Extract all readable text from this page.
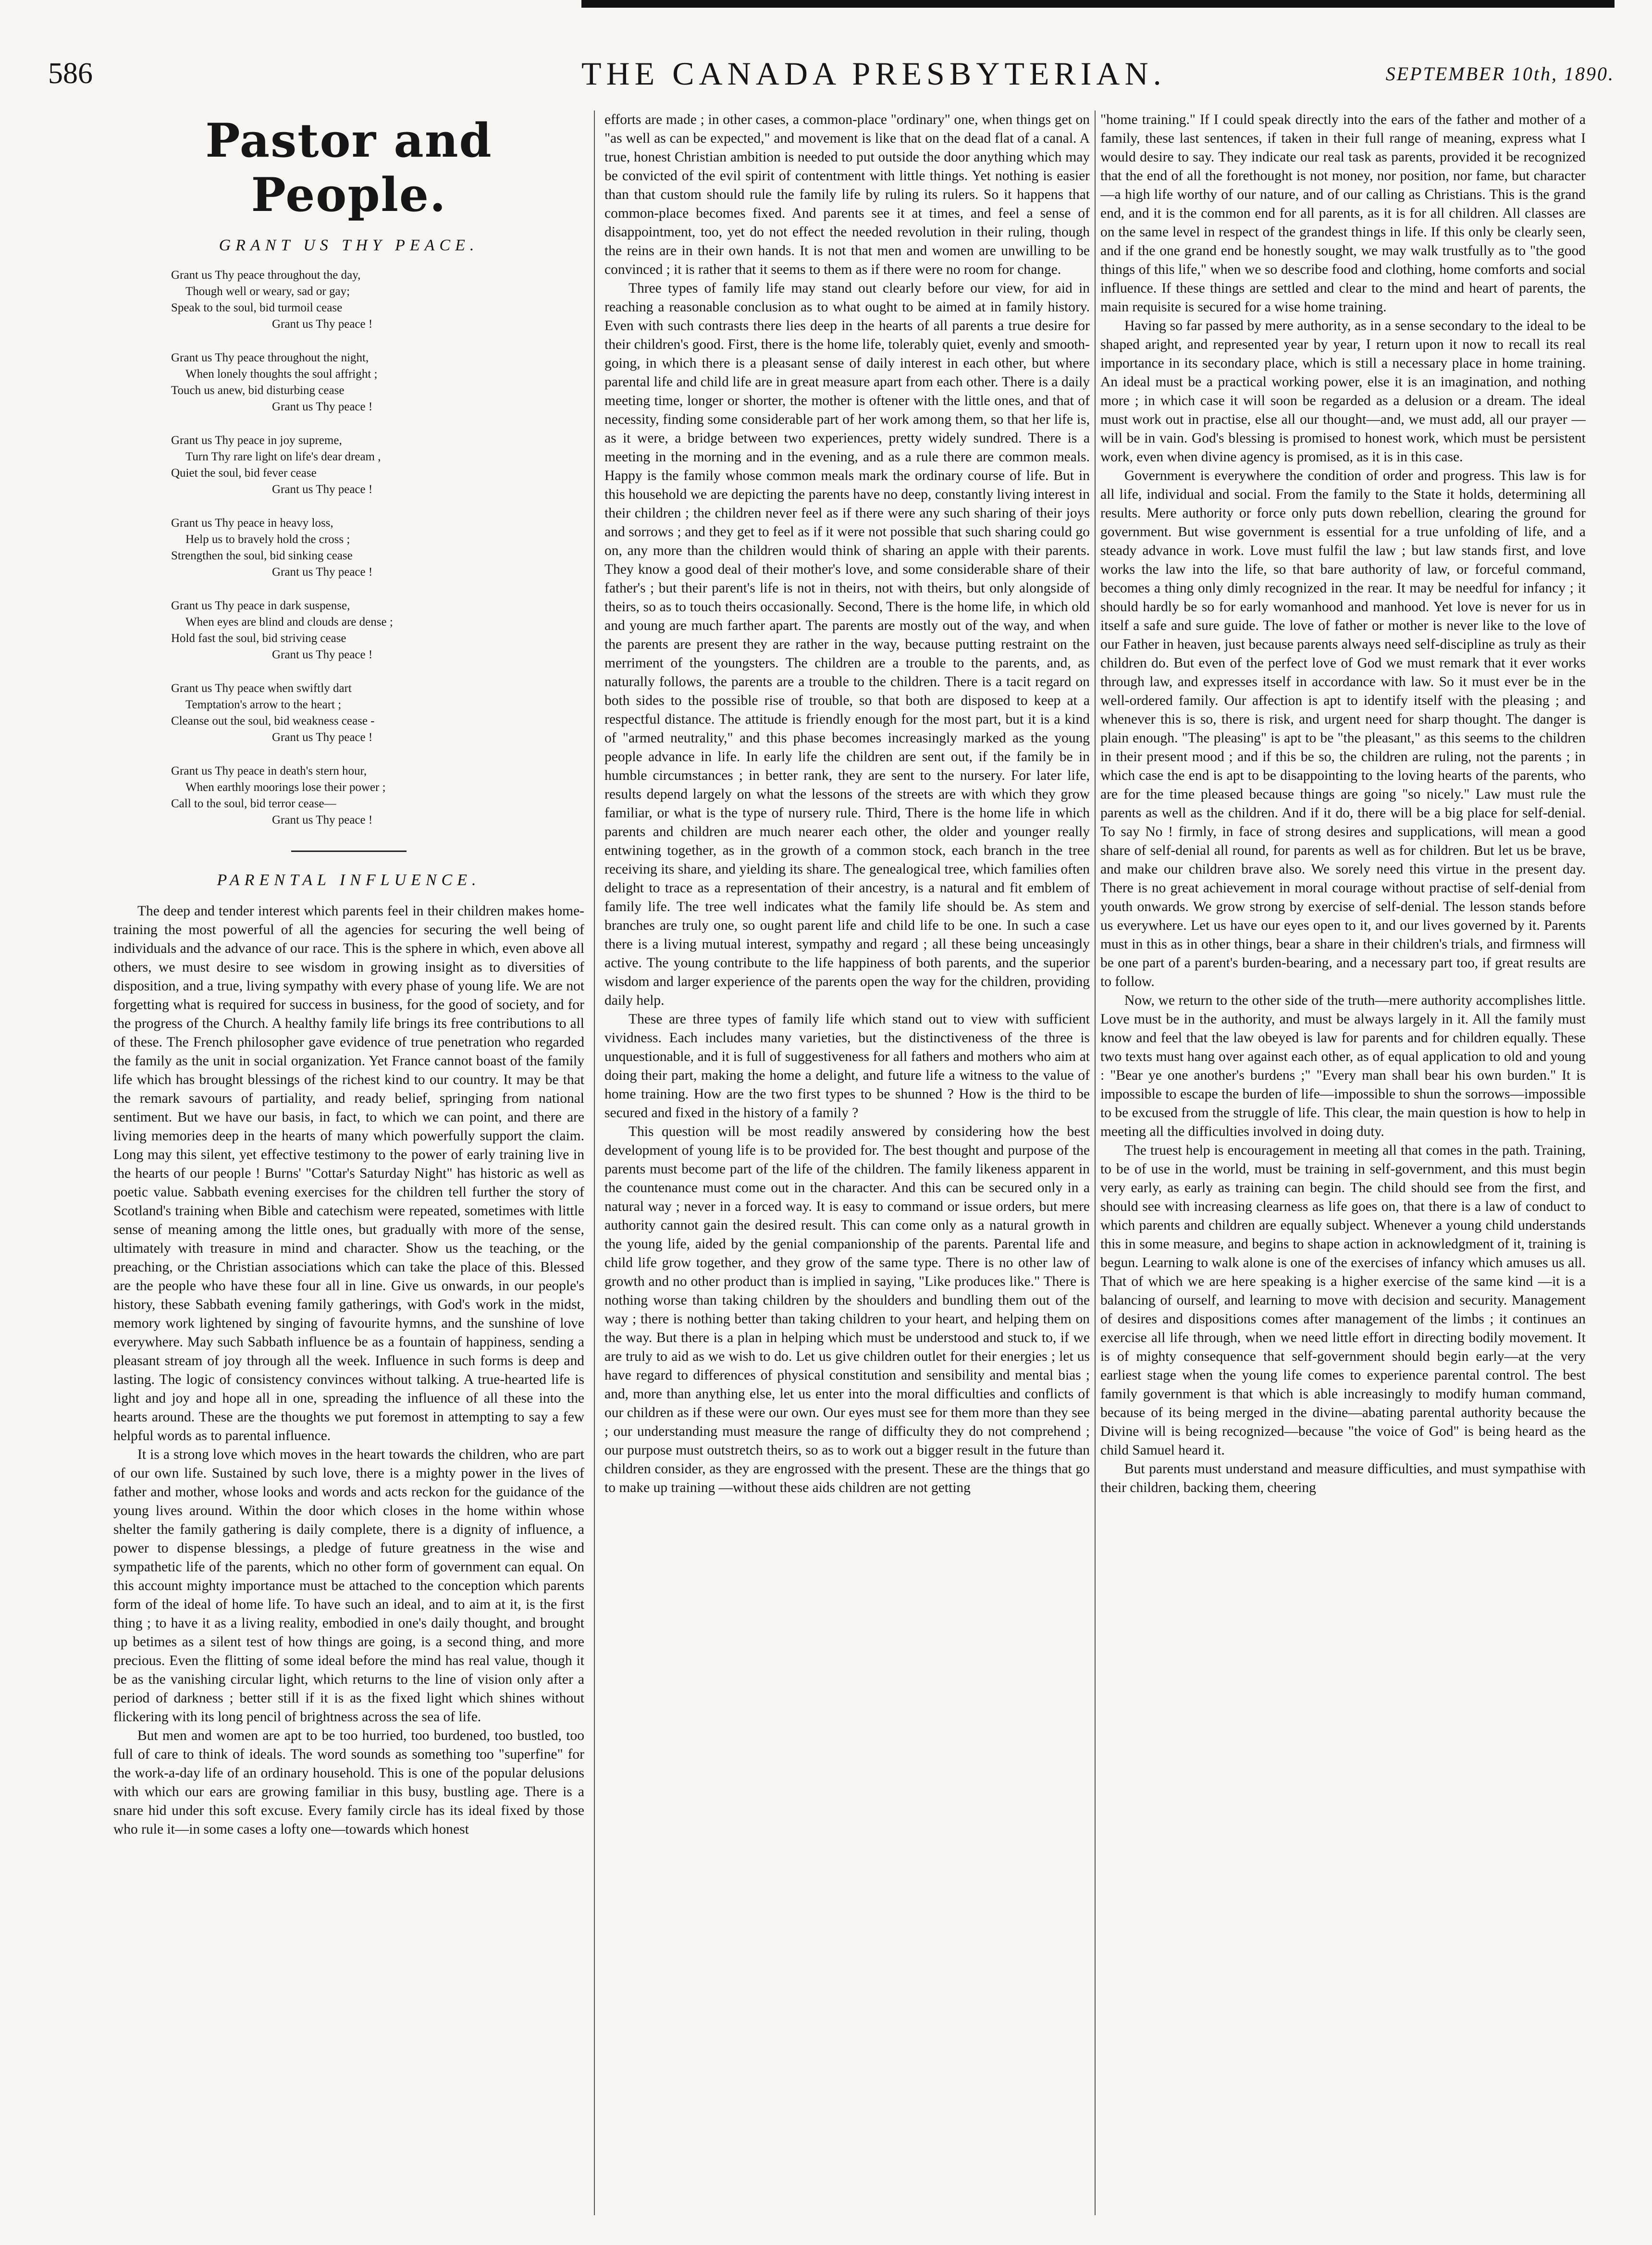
586	THE CANADA PRESBYTERIAN.	SEPTEMBER 10th, 1890.
Pastor and People.
GRANT US THY PEACE.
Grant us Thy peace throughout the day,
Though well or weary, sad or gay;
Speak to the soul, bid turmoil cease
Grant us Thy peace !
Grant us Thy peace throughout the night,
When lonely thoughts the soul affright ;
Touch us anew, bid disturbing cease
Grant us Thy peace !
Grant us Thy peace in joy supreme,
Turn Thy rare light on life's dear dream ,
Quiet the soul, bid fever cease
Grant us Thy peace !
Grant us Thy peace in heavy loss,
Help us to bravely hold the cross ;
Strengthen the soul, bid sinking cease
Grant us Thy peace !
Grant us Thy peace in dark suspense,
When eyes are blind and clouds are dense ;
Hold fast the soul, bid striving cease
Grant us Thy peace !
Grant us Thy peace when swiftly dart
Temptation's arrow to the heart ;
Cleanse out the soul, bid weakness cease -
Grant us Thy peace !
Grant us Thy peace in death's stern hour,
When earthly moorings lose their power ;
Call to the soul, bid terror cease—
Grant us Thy peace !
PARENTAL INFLUENCE.

The deep and tender interest which parents feel in their children makes home-training the most powerful of all the agencies for securing the well being of individuals and the advance of our race. This is the sphere in which, even above all others, we must desire to see wisdom in growing insight as to diversities of disposition, and a true, living sympathy with every phase of young life. We are not forgetting what is required for success in business, for the good of society, and for the progress of the Church. A healthy family life brings its free contributions to all of these. The French philosopher gave evidence of true penetration who regarded the family as the unit in social organization. Yet France cannot boast of the family life which has brought blessings of the richest kind to our country. It may be that the remark savours of partiality, and ready belief, springing from national sentiment. But we have our basis, in fact, to which we can point, and there are living memories deep in the hearts of many which powerfully support the claim. Long may this silent, yet effective testimony to the power of early training live in the hearts of our people ! Burns' "Cottar's Saturday Night" has historic as well as poetic value. Sabbath evening exercises for the children tell further the story of Scotland's training when Bible and catechism were repeated, sometimes with little sense of meaning among the little ones, but gradually with more of the sense, ultimately with treasure in mind and character. Show us the teaching, or the preaching, or the Christian associations which can take the place of this. Blessed are the people who have these four all in line. Give us onwards, in our people's history, these Sabbath evening family gatherings, with God's work in the midst, memory work lightened by singing of favourite hymns, and the sunshine of love everywhere. May such Sabbath influence be as a fountain of happiness, sending a pleasant stream of joy through all the week. Influence in such forms is deep and lasting. The logic of consistency convinces without talking. A true-hearted life is light and joy and hope all in one, spreading the influence of all these into the hearts around. These are the thoughts we put foremost in attempting to say a few helpful words as to parental influence.

It is a strong love which moves in the heart towards the children, who are part of our own life. Sustained by such love, there is a mighty power in the lives of father and mother, whose looks and words and acts reckon for the guidance of the young lives around. Within the door which closes in the home within whose shelter the family gathering is daily complete, there is a dignity of influence, a power to dispense blessings, a pledge of future greatness in the wise and sympathetic life of the parents, which no other form of government can equal. On this account mighty importance must be attached to the conception which parents form of the ideal of home life. To have such an ideal, and to aim at it, is the first thing ; to have it as a living reality, embodied in one's daily thought, and brought up betimes as a silent test of how things are going, is a second thing, and more precious. Even the flitting of some ideal before the mind has real value, though it be as the vanishing circular light, which returns to the line of vision only after a period of darkness ; better still if it is as the fixed light which shines without flickering with its long pencil of brightness across the sea of life.

But men and women are apt to be too hurried, too burdened, too bustled, too full of care to think of ideals. The word sounds as something too "superfine" for the work-a-day life of an ordinary household. This is one of the popular delusions with which our ears are growing familiar in this busy, bustling age. There is a snare hid under this soft excuse. Every family circle has its ideal fixed by those who rule it—in some cases a lofty one—towards which honest

efforts are made ; in other cases, a common-place "ordinary" one, when things get on "as well as can be expected," and movement is like that on the dead flat of a canal. A true, honest Christian ambition is needed to put outside the door anything which may be convicted of the evil spirit of contentment with little things. Yet nothing is easier than that custom should rule the family life by ruling its rulers. So it happens that common-place becomes fixed. And parents see it at times, and feel a sense of disappointment, too, yet do not effect the needed revolution in their ruling, though the reins are in their own hands. It is not that men and women are unwilling to be convinced ; it is rather that it seems to them as if there were no room for change.

Three types of family life may stand out clearly before our view, for aid in reaching a reasonable conclusion as to what ought to be aimed at in family history. Even with such contrasts there lies deep in the hearts of all parents a true desire for their children's good. First, there is the home life, tolerably quiet, evenly and smooth-going, in which there is a pleasant sense of daily interest in each other, but where parental life and child life are in great measure apart from each other. There is a daily meeting time, longer or shorter, the mother is oftener with the little ones, and that of necessity, finding some considerable part of her work among them, so that her life is, as it were, a bridge between two experiences, pretty widely sundred. There is a meeting in the morning and in the evening, and as a rule there are common meals. Happy is the family whose common meals mark the ordinary course of life. But in this household we are depicting the parents have no deep, constantly living interest in their children ; the children never feel as if there were any such sharing of their joys and sorrows ; and they get to feel as if it were not possible that such sharing could go on, any more than the children would think of sharing an apple with their parents. They know a good deal of their mother's love, and some considerable share of their father's ; but their parent's life is not in theirs, not with theirs, but only alongside of theirs, so as to touch theirs occasionally. Second, There is the home life, in which old and young are much farther apart. The parents are mostly out of the way, and when the parents are present they are rather in the way, because putting restraint on the merriment of the youngsters. The children are a trouble to the parents, and, as naturally follows, the parents are a trouble to the children. There is a tacit regard on both sides to the possible rise of trouble, so that both are disposed to keep at a respectful distance. The attitude is friendly enough for the most part, but it is a kind of "armed neutrality," and this phase becomes increasingly marked as the young people advance in life. In early life the children are sent out, if the family be in humble circumstances ; in better rank, they are sent to the nursery. For later life, results depend largely on what the lessons of the streets are with which they grow familiar, or what is the type of nursery rule. Third, There is the home life in which parents and children are much nearer each other, the older and younger really entwining together, as in the growth of a common stock, each branch in the tree receiving its share, and yielding its share. The genealogical tree, which families often delight to trace as a representation of their ancestry, is a natural and fit emblem of family life. The tree well indicates what the family life should be. As stem and branches are truly one, so ought parent life and child life to be one. In such a case there is a living mutual interest, sympathy and regard ; all these being unceasingly active. The young contribute to the life happiness of both parents, and the superior wisdom and larger experience of the parents open the way for the children, providing daily help.

These are three types of family life which stand out to view with sufficient vividness. Each includes many varieties, but the distinctiveness of the three is unquestionable, and it is full of suggestiveness for all fathers and mothers who aim at doing their part, making the home a delight, and future life a witness to the value of home training. How are the two first types to be shunned ? How is the third to be secured and fixed in the history of a family ?

This question will be most readily answered by considering how the best development of young life is to be provided for. The best thought and purpose of the parents must become part of the life of the children. The family likeness apparent in the countenance must come out in the character. And this can be secured only in a natural way ; never in a forced way. It is easy to command or issue orders, but mere authority cannot gain the desired result. This can come only as a natural growth in the young life, aided by the genial companionship of the parents. Parental life and child life grow together, and they grow of the same type. There is no other law of growth and no other product than is implied in saying, "Like produces like." There is nothing worse than taking children by the shoulders and bundling them out of the way ; there is nothing better than taking children to your heart, and helping them on the way. But there is a plan in helping which must be understood and stuck to, if we are truly to aid as we wish to do. Let us give children outlet for their energies ; let us have regard to differences of physical constitution and sensibility and mental bias ; and, more than anything else, let us enter into the moral difficulties and conflicts of our children as if these were our own. Our eyes must see for them more than they see ; our understanding must measure the range of difficulty they do not comprehend ; our purpose must outstretch theirs, so as to work out a bigger result in the future than children consider, as they are engrossed with the present. These are the things that go to make up training —without these aids children are not getting

"home training." If I could speak directly into the ears of the father and mother of a family, these last sentences, if taken in their full range of meaning, express what I would desire to say. They indicate our real task as parents, provided it be recognized that the end of all the forethought is not money, nor position, nor fame, but character—a high life worthy of our nature, and of our calling as Christians. This is the grand end, and it is the common end for all parents, as it is for all children. All classes are on the same level in respect of the grandest things in life. If this only be clearly seen, and if the one grand end be honestly sought, we may walk trustfully as to "the good things of this life," when we so describe food and clothing, home comforts and social influence. If these things are settled and clear to the mind and heart of parents, the main requisite is secured for a wise home training.

Having so far passed by mere authority, as in a sense secondary to the ideal to be shaped aright, and represented year by year, I return upon it now to recall its real importance in its secondary place, which is still a necessary place in home training. An ideal must be a practical working power, else it is an imagination, and nothing more ; in which case it will soon be regarded as a delusion or a dream. The ideal must work out in practise, else all our thought—and, we must add, all our prayer —will be in vain. God's blessing is promised to honest work, which must be persistent work, even when divine agency is promised, as it is in this case.

Government is everywhere the condition of order and progress. This law is for all life, individual and social. From the family to the State it holds, determining all results. Mere authority or force only puts down rebellion, clearing the ground for government. But wise government is essential for a true unfolding of life, and a steady advance in work. Love must fulfil the law ; but law stands first, and love works the law into the life, so that bare authority of law, or forceful command, becomes a thing only dimly recognized in the rear. It may be needful for infancy ; it should hardly be so for early womanhood and manhood. Yet love is never for us in itself a safe and sure guide. The love of father or mother is never like to the love of our Father in heaven, just because parents always need self-discipline as truly as their children do. But even of the perfect love of God we must remark that it ever works through law, and expresses itself in accordance with law. So it must ever be in the well-ordered family. Our affection is apt to identify itself with the pleasing ; and whenever this is so, there is risk, and urgent need for sharp thought. The danger is plain enough. "The pleasing" is apt to be "the pleasant," as this seems to the children in their present mood ; and if this be so, the children are ruling, not the parents ; in which case the end is apt to be disappointing to the loving hearts of the parents, who are for the time pleased because things are going "so nicely." Law must rule the parents as well as the children. And if it do, there will be a big place for self-denial. To say No ! firmly, in face of strong desires and supplications, will mean a good share of self-denial all round, for parents as well as for children. But let us be brave, and make our children brave also. We sorely need this virtue in the present day. There is no great achievement in moral courage without practise of self-denial from youth onwards. We grow strong by exercise of self-denial. The lesson stands before us everywhere. Let us have our eyes open to it, and our lives governed by it. Parents must in this as in other things, bear a share in their children's trials, and firmness will be one part of a parent's burden-bearing, and a necessary part too, if great results are to follow.

Now, we return to the other side of the truth—mere authority accomplishes little. Love must be in the authority, and must be always largely in it. All the family must know and feel that the law obeyed is law for parents and for children equally. These two texts must hang over against each other, as of equal application to old and young : "Bear ye one another's burdens ;" "Every man shall bear his own burden." It is impossible to escape the burden of life—impossible to shun the sorrows—impossible to be excused from the struggle of life. This clear, the main question is how to help in meeting all the difficulties involved in doing duty.

The truest help is encouragement in meeting all that comes in the path. Training, to be of use in the world, must be training in self-government, and this must begin very early, as early as training can begin. The child should see from the first, and should see with increasing clearness as life goes on, that there is a law of conduct to which parents and children are equally subject. Whenever a young child understands this in some measure, and begins to shape action in acknowledgment of it, training is begun. Learning to walk alone is one of the exercises of infancy which amuses us all. That of which we are here speaking is a higher exercise of the same kind —it is a balancing of ourself, and learning to move with decision and security. Management of desires and dispositions comes after management of the limbs ; it continues an exercise all life through, when we need little effort in directing bodily movement. It is of mighty consequence that self-government should begin early—at the very earliest stage when the young life comes to experience parental control. The best family government is that which is able increasingly to modify human command, because of its being merged in the divine—abating parental authority because the Divine will is being recognized—because "the voice of God" is being heard as the child Samuel heard it.

But parents must understand and measure difficulties, and must sympathise with their children, backing them, cheering
